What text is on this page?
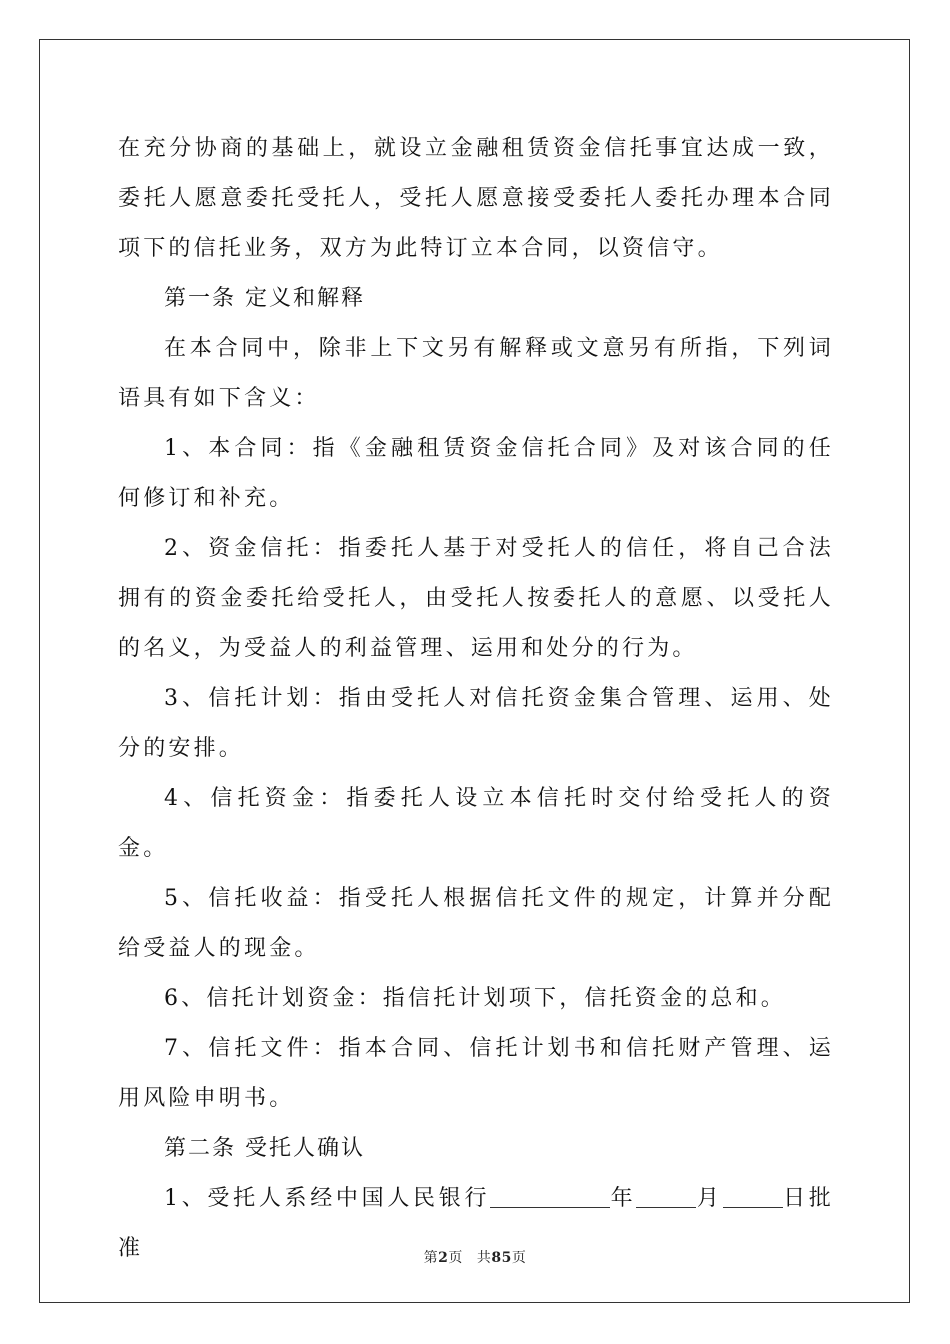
在充分协商的基础上，就设立金融租赁资金信托事宜达成一致，委托人愿意委托受托人，受托人愿意接受委托人委托办理本合同项下的信托业务，双方为此特订立本合同，以资信守。

第一条 定义和解释

在本合同中，除非上下文另有解释或文意另有所指，下列词语具有如下含义：

1、本合同：指《金融租赁资金信托合同》及对该合同的任何修订和补充。

2、资金信托：指委托人基于对受托人的信任，将自己合法拥有的资金委托给受托人，由受托人按委托人的意愿、以受托人的名义，为受益人的利益管理、运用和处分的行为。

3、信托计划：指由受托人对信托资金集合管理、运用、处分的安排。

4、信托资金：指委托人设立本信托时交付给受托人的资金。

5、信托收益：指受托人根据信托文件的规定，计算并分配给受益人的现金。

6、信托计划资金：指信托计划项下，信托资金的总和。

7、信托文件：指本合同、信托计划书和信托财产管理、运用风险申明书。

第二条 受托人确认

1、受托人系经中国人民银行	年	月	日批准	第2页 共85页
